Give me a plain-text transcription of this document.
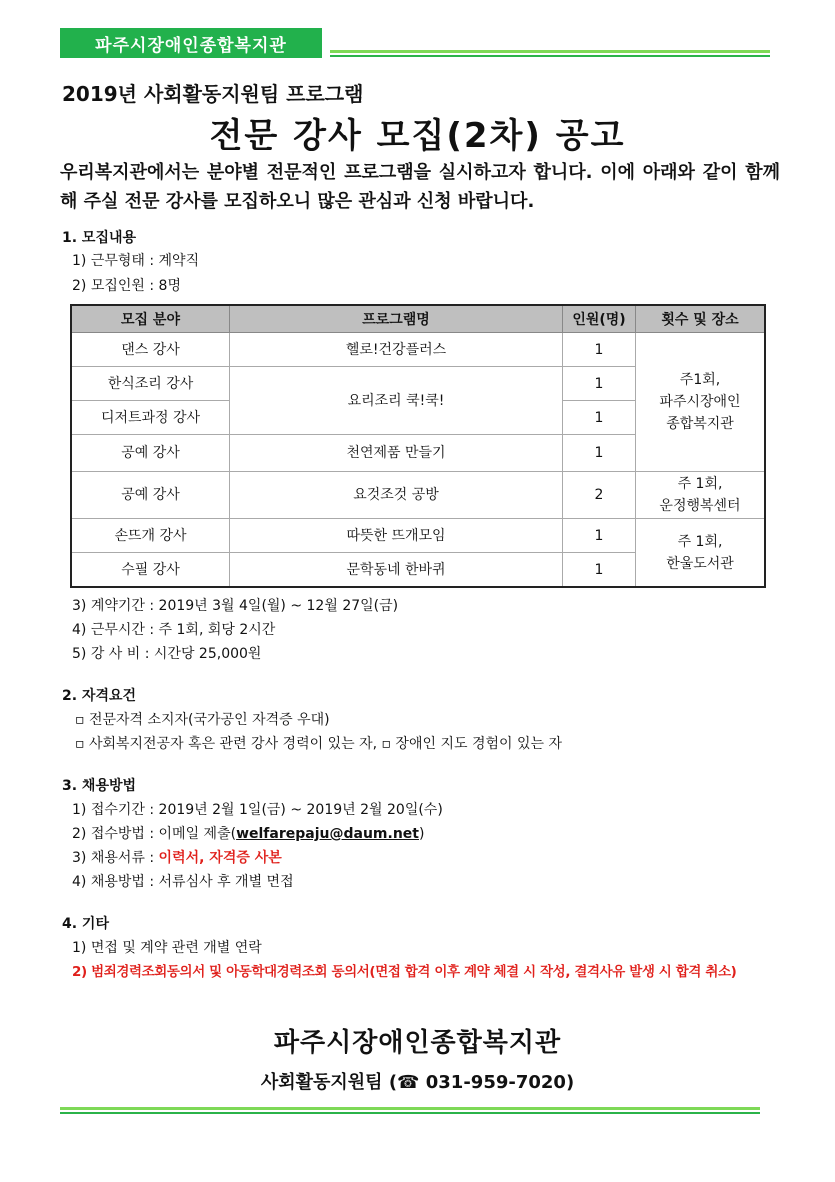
파주시장애인종합복지관
2019년 사회활동지원팀 프로그램
전문 강사 모집(2차) 공고
우리복지관에서는 분야별 전문적인 프로그램을 실시하고자 합니다. 이에 아래와 같이 함께해 주실 전문 강사를 모집하오니 많은 관심과 신청 바랍니다.
1. 모집내용
1) 근무형태 : 계약직
2) 모집인원 : 8명
모집 분야	프로그램명	인원(명)	횟수 및 장소
댄스 강사	헬로!건강플러스	1	주1회,
파주시장애인
종합복지관
한식조리 강사	요리조리 쿡!쿡!	1	
디저트과정 강사		1	
공예 강사	천연제품 만들기	1	
공예 강사	요것조것 공방	2	주 1회,
운정행복센터
손뜨개 강사	따뜻한 뜨개모임	1	주 1회,
한울도서관
수필 강사	문학동네 한바퀴	1	
3) 계약기간 : 2019년 3월 4일(월) ~ 12월 27일(금)
4) 근무시간 : 주 1회, 회당 2시간
5) 강 사 비 : 시간당 25,000원
2. 자격요건
▫ 전문자격 소지자(국가공인 자격증 우대)
▫ 사회복지전공자 혹은 관련 강사 경력이 있는 자, ▫ 장애인 지도 경험이 있는 자
3. 채용방법
1) 접수기간 : 2019년 2월 1일(금) ~ 2019년 2월 20일(수)
2) 접수방법 : 이메일 제출(welfarepaju@daum.net)
3) 채용서류 : 이력서, 자격증 사본
4) 채용방법 : 서류심사 후 개별 면접
4. 기타
1) 면접 및 계약 관련 개별 연락
2) 범죄경력조회동의서 및 아동학대경력조회 동의서(면접 합격 이후 계약 체결 시 작성, 결격사유 발생 시 합격 취소)
파주시장애인종합복지관
사회활동지원팀 (☎ 031-959-7020)
